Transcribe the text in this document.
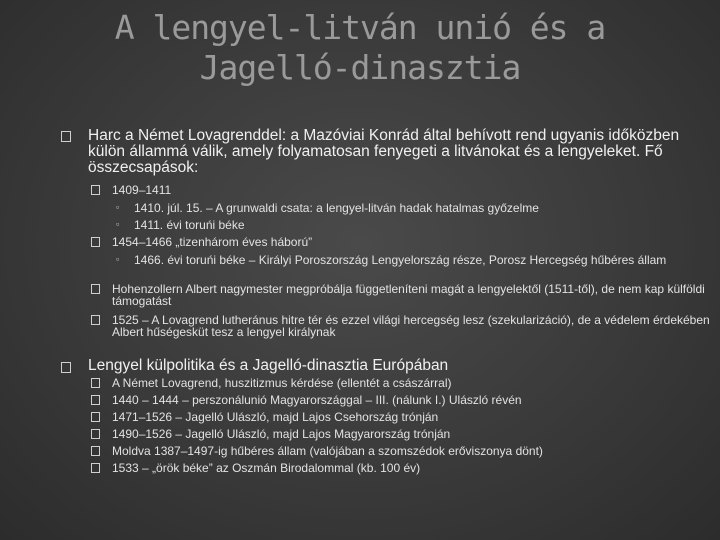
A lengyel-litván unió és a Jagelló-dinasztia
Harc a Német Lovagrenddel: a Mazóviai Konrád által behívott rend ugyanis időközben külön állammá válik, amely folyamatosan fenyegeti a litvánokat és a lengyeleket. Fő összecsapások:
1409–1411
▫ 1410. júl. 15. – A grunwaldi csata: a lengyel-litván hadak hatalmas győzelme
▫ 1411. évi toruńi béke
1454–1466 „tizenhárom éves háború”
▫ 1466. évi toruńi béke – Királyi Poroszország Lengyelország része, Porosz Hercegség hűbéres állam
Hohenzollern Albert nagymester megpróbálja függetleníteni magát a lengyelektől (1511-től), de nem kap külföldi támogatást
1525 – A Lovagrend lutheránus hitre tér és ezzel világi hercegség lesz (szekularizáció), de a védelem érdekében Albert hűségesküt tesz a lengyel királynak
Lengyel külpolitika és a Jagelló-dinasztia Európában
A Német Lovagrend, huszitizmus kérdése (ellentét a császárral)
1440 – 1444 – perszonálunió Magyarországgal – III. (nálunk I.) Ulászló révén
1471–1526 – Jagelló Ulászló, majd Lajos Csehország trónján
1490–1526 – Jagelló Ulászló, majd Lajos Magyarország trónján
Moldva 1387–1497-ig hűbéres állam (valójában a szomszédok erőviszonya dönt)
1533 – „örök béke” az Oszmán Birodalommal (kb. 100 év)
